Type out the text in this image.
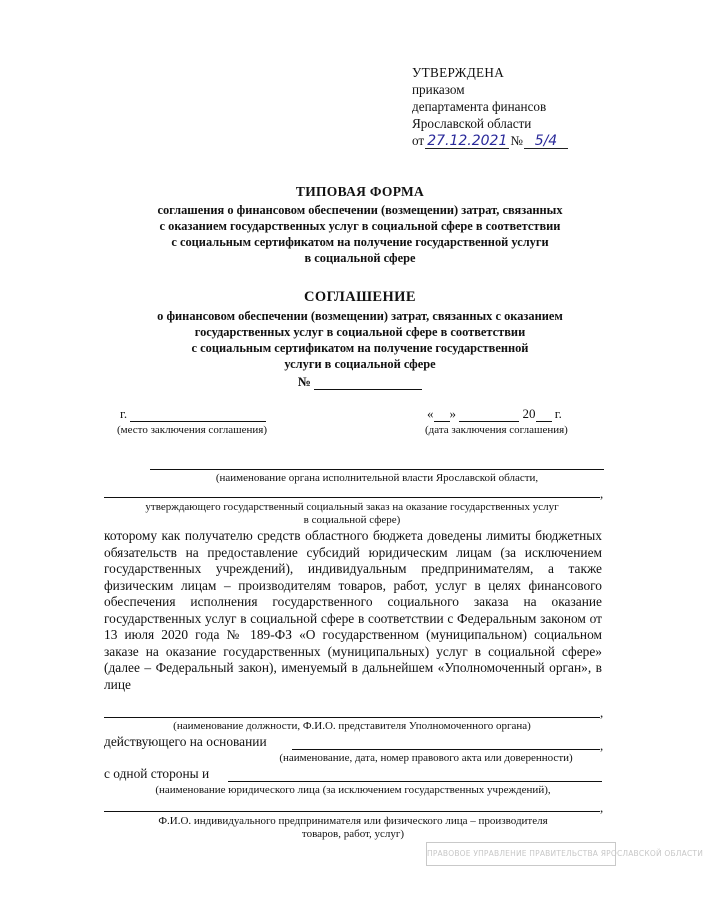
УТВЕРЖДЕНА
приказом
департамента финансов
Ярославской области
от 27.12.2021 № 5/4
ТИПОВАЯ ФОРМА
соглашения о финансовом обеспечении (возмещении) затрат, связанных
с оказанием государственных услуг в социальной сфере в соответствии
с социальным сертификатом на получение государственной услуги
в социальной сфере
СОГЛАШЕНИЕ
о финансовом обеспечении (возмещении) затрат, связанных с оказанием
государственных услуг в социальной сфере в соответствии
с социальным сертификатом на получение государственной
услуги в социальной сфере
№
г.
(место заключения соглашения)
« »	20 г.
(дата заключения соглашения)
(наименование органа исполнительной власти Ярославской области,
,
утверждающего государственный социальный заказ на оказание государственных услуг
в социальной сфере)
которому как получателю средств областного бюджета доведены лимиты бюджетных обязательств на предоставление субсидий юридическим лицам (за исключением государственных учреждений), индивидуальным предпринимателям, а также физическим лицам – производителям товаров, работ, услуг в целях финансового обеспечения исполнения государственного социального заказа на оказание государственных услуг в социальной сфере в соответствии с Федеральным законом от 13 июля 2020 года № 189-ФЗ «О государственном (муниципальном) социальном заказе на оказание государственных (муниципальных) услуг в социальной сфере» (далее – Федеральный закон), именуемый в дальнейшем «Уполномоченный орган», в лице
,
(наименование должности, Ф.И.О. представителя Уполномоченного органа)
действующего на основании	,
(наименование, дата, номер правового акта или доверенности)
с одной стороны и
(наименование юридического лица (за исключением государственных учреждений),
,
Ф.И.О. индивидуального предпринимателя или физического лица – производителя
товаров, работ, услуг)
ПРАВОВОЕ УПРАВЛЕНИЕ ПРАВИТЕЛЬСТВА ЯРОСЛАВСКОЙ ОБЛАСТИ
